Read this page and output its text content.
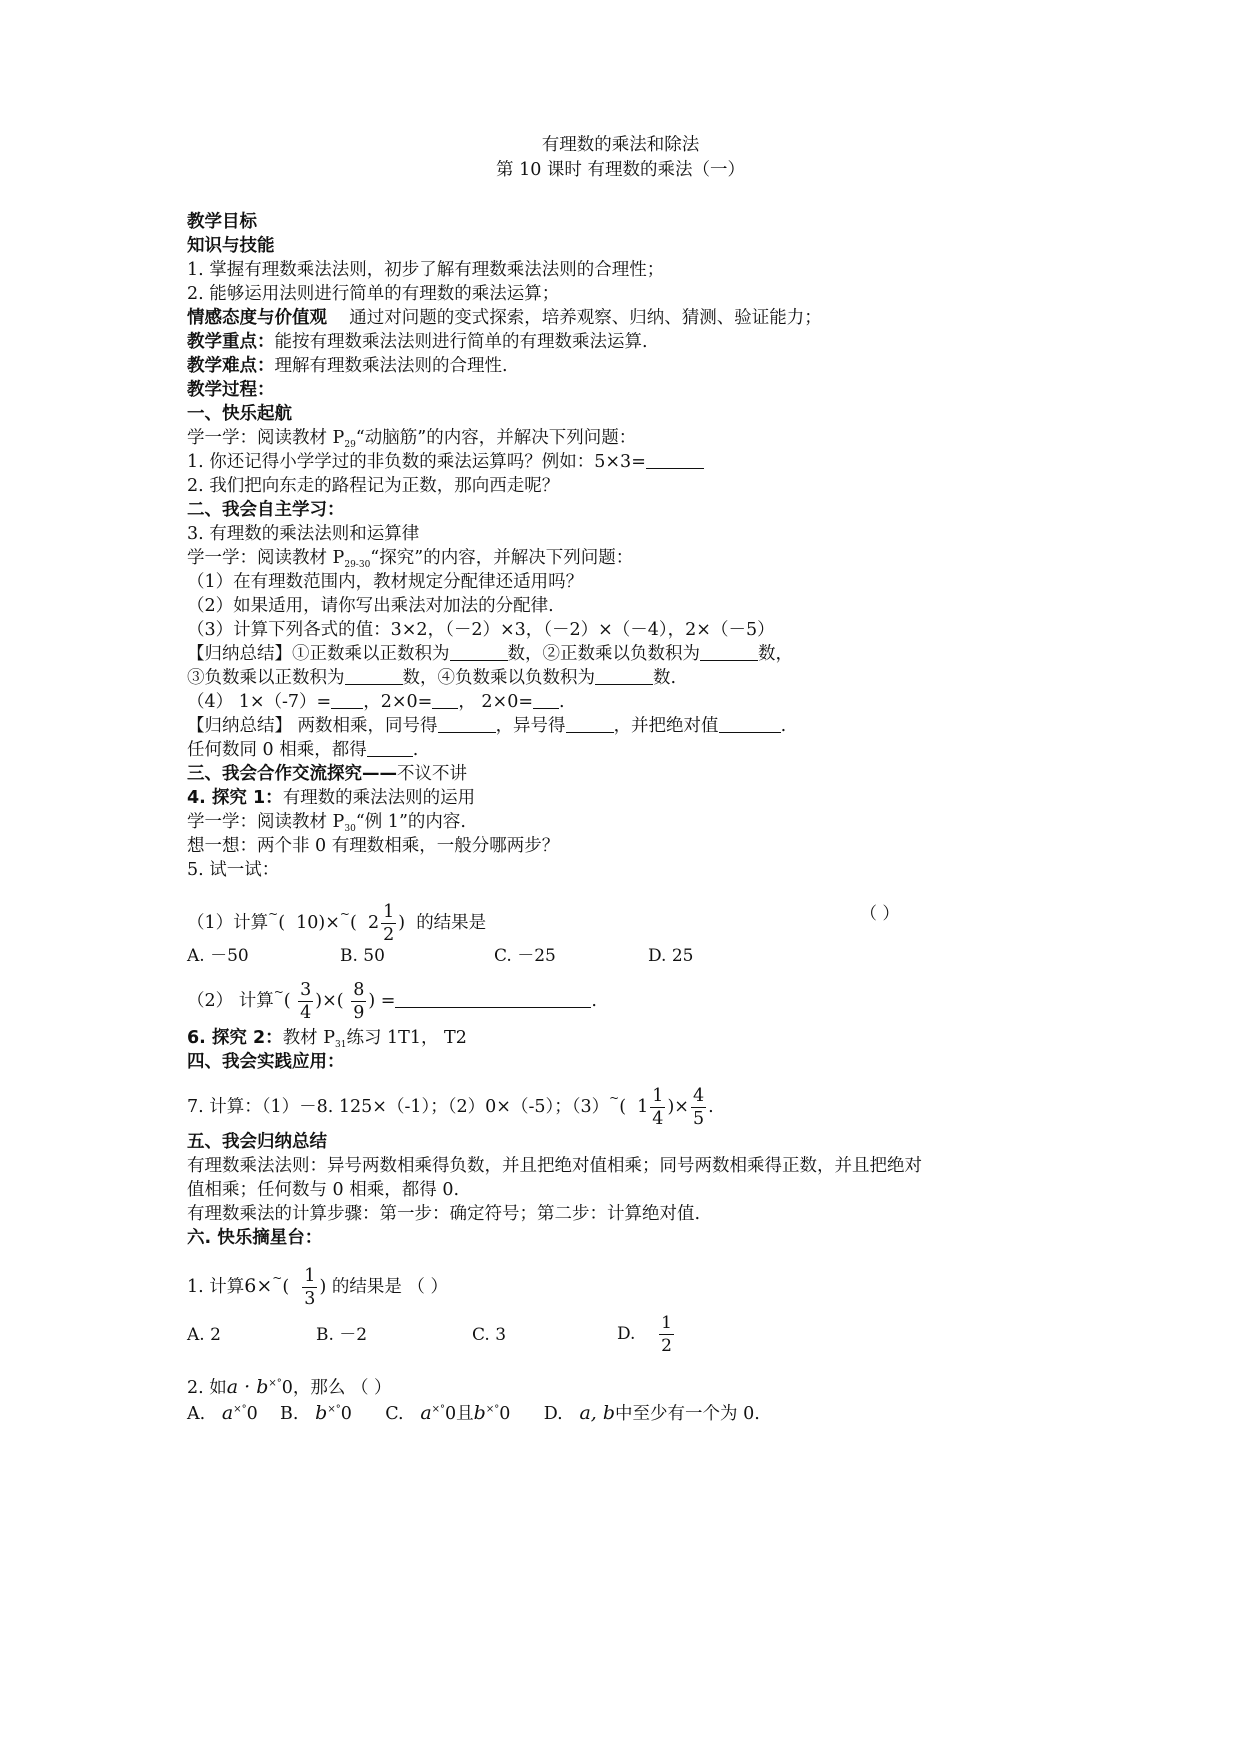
有理数的乘法和除法
第 10 课时 有理数的乘法（一）
教学目标
知识与技能
1. 掌握有理数乘法法则，初步了解有理数乘法法则的合理性；
2. 能够运用法则进行简单的有理数的乘法运算；
情感态度与价值观 通过对问题的变式探索，培养观察、归纳、猜测、验证能力；
教学重点：能按有理数乘法法则进行简单的有理数乘法运算.
教学难点：理解有理数乘法法则的合理性.
教学过程：
一、快乐起航
学一学：阅读教材 $P_{29}“$动脑筋”的内容，并解决下列问题：
1. 你还记得小学学过的非负数的乘法运算吗？例如：5×3=
2. 我们把向东走的路程记为正数，那向西走呢？
二、我会自主学习：
3. 有理数的乘法法则和运算律
学一学：阅读教材 $P_{29-30}“$探究”的内容，并解决下列问题：
（1）在有理数范围内，教材规定分配律还适用吗？
（2）如果适用，请你写出乘法对加法的分配律.
（3）计算下列各式的值：3×2，（－2）×3，（－2）×（－4），2×（－5）
【归纳总结】①正数乘以正数积为	数，②正数乘以负数积为	数，
③负数乘以正数积为	数，④负数乘以负数积为	数.
（4） 1×（-7）= ，2×0= ， 2×0= .
【归纳总结】 两数相乘，同号得	，异号得	，并把绝对值	.
任何数同 0 相乘，都得	.
三、我会合作交流探究——不议不讲
4. 探究 1：有理数的乘法法则的运用
学一学：阅读教材 $P_{30}“$例 1”的内容.
想一想：两个非 0 有理数相乘，一般分哪两步？
5. 试一试：
（1）计算~(  10)×~(  $2 \frac{1}{2}$ ) 的结果是	（ ）
A. －50	B. 50	C. －25	D. 25
（2） 计算$^\sim( \frac{3}{4}$ )×( $\frac{8}{9}$ ) =	.
6. 探究 2：教材 $P_{31}$练习 1T1， T2
四、我会实践应用：
7. 计算：（1）－8. 125×（-1）；（2）0×（-5）；（3）~(  $1 \frac{1}{4}$ )× $\frac{4}{5}$ .
五、我会归纳总结
有理数乘法法则：异号两数相乘得负数，并且把绝对值相乘；同号两数相乘得正数，并且把绝对
值相乘；任何数与 0 相乘，都得 0.
有理数乘法的计算步骤：第一步：确定符号；第二步：计算绝对值.
六. 快乐摘星台：
1. 计算$6\times^\sim( \frac{1}{3}$ ) 的结果是 （ ）
A. 2	B. －2	C. 3	D. $\frac{1}{2}$
2. 如a · b×°0，那么 （ ）
A. a×°0 B. b×°0 C. a×°0且b×°0 D. a, b中至少有一个为 0.
